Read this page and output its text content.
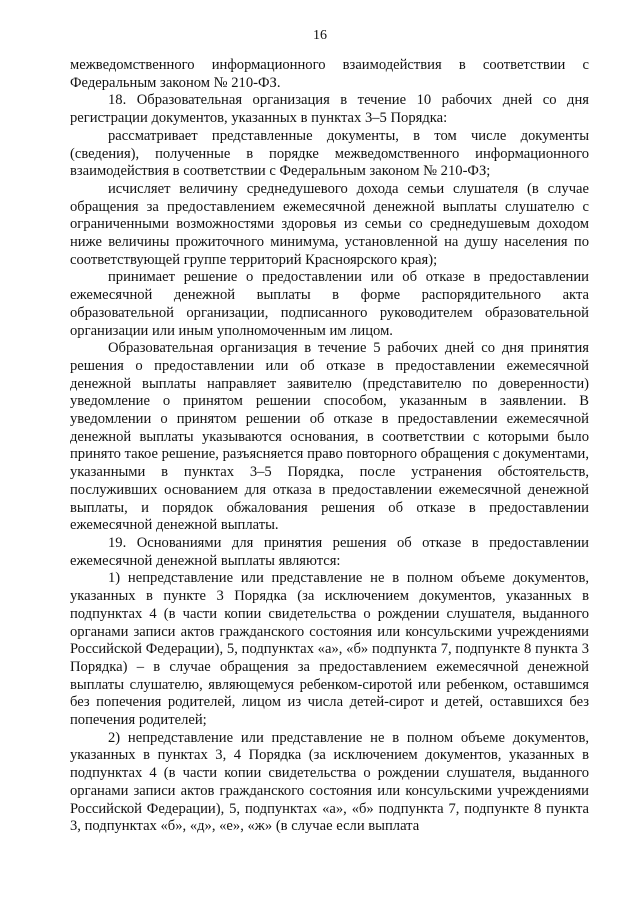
16

межведомственного информационного взаимодействия в соответствии с Федеральным законом № 210-ФЗ.

18. Образовательная организация в течение 10 рабочих дней со дня регистрации документов, указанных в пунктах 3–5 Порядка:

рассматривает представленные документы, в том числе документы (сведения), полученные в порядке межведомственного информационного взаимодействия в соответствии с Федеральным законом № 210-ФЗ;

исчисляет величину среднедушевого дохода семьи слушателя (в случае обращения за предоставлением ежемесячной денежной выплаты слушателю с ограниченными возможностями здоровья из семьи со среднедушевым доходом ниже величины прожиточного минимума, установленной на душу населения по соответствующей группе территорий Красноярского края);

принимает решение о предоставлении или об отказе в предоставлении ежемесячной денежной выплаты в форме распорядительного акта образовательной организации, подписанного руководителем образовательной организации или иным уполномоченным им лицом.

Образовательная организация в течение 5 рабочих дней со дня принятия решения о предоставлении или об отказе в предоставлении ежемесячной денежной выплаты направляет заявителю (представителю по доверенности) уведомление о принятом решении способом, указанным в заявлении. В уведомлении о принятом решении об отказе в предоставлении ежемесячной денежной выплаты указываются основания, в соответствии с которыми было принято такое решение, разъясняется право повторного обращения с документами, указанными в пунктах 3–5 Порядка, после устранения обстоятельств, послуживших основанием для отказа в предоставлении ежемесячной денежной выплаты, и порядок обжалования решения об отказе в предоставлении ежемесячной денежной выплаты.

19. Основаниями для принятия решения об отказе в предоставлении ежемесячной денежной выплаты являются:

1) непредставление или представление не в полном объеме документов, указанных в пункте 3 Порядка (за исключением документов, указанных в подпунктах 4 (в части копии свидетельства о рождении слушателя, выданного органами записи актов гражданского состояния или консульскими учреждениями Российской Федерации), 5, подпунктах «а», «б» подпункта 7, подпункте 8 пункта 3 Порядка) – в случае обращения за предоставлением ежемесячной денежной выплаты слушателю, являющемуся ребенком-сиротой или ребенком, оставшимся без попечения родителей, лицом из числа детей-сирот и детей, оставшихся без попечения родителей;

2) непредставление или представление не в полном объеме документов, указанных в пунктах 3, 4 Порядка (за исключением документов, указанных в подпунктах 4 (в части копии свидетельства о рождении слушателя, выданного органами записи актов гражданского состояния или консульскими учреждениями Российской Федерации), 5, подпунктах «а», «б» подпункта 7, подпункте 8 пункта 3, подпунктах «б», «д», «е», «ж» (в случае если выплата
